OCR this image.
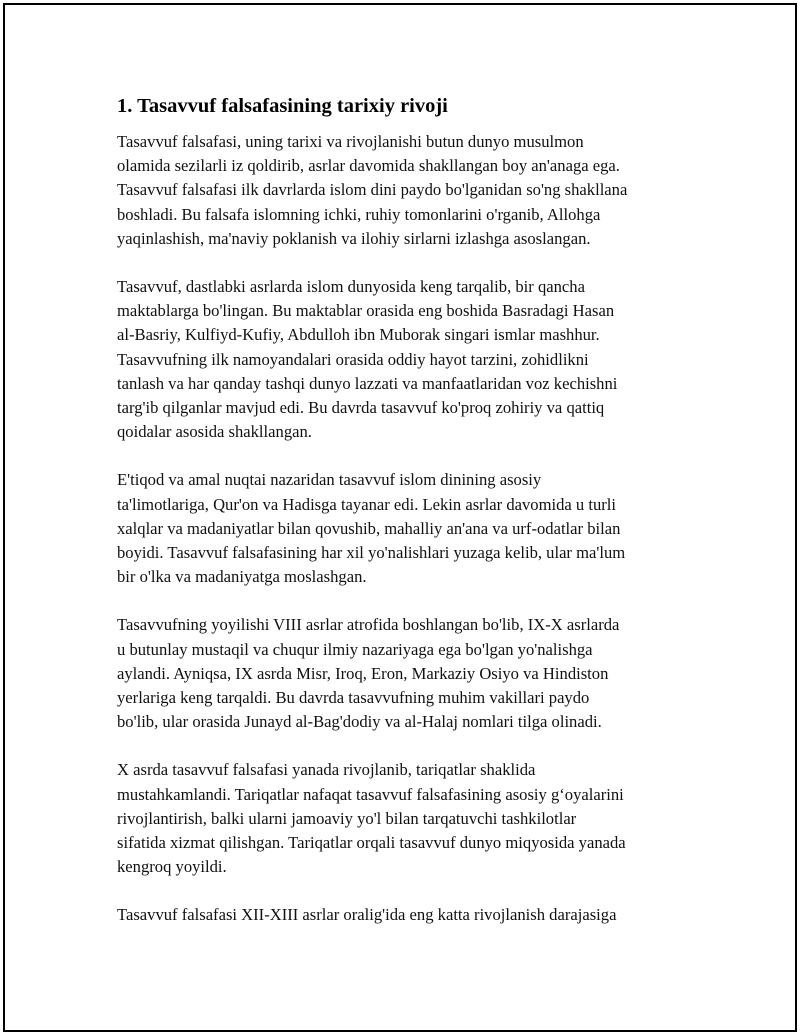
1. Tasavvuf falsafasining tarixiy rivoji

Tasavvuf falsafasi, uning tarixi va rivojlanishi butun dunyo musulmon
olamida sezilarli iz qoldirib, asrlar davomida shakllangan boy an'anaga ega.
Tasavvuf falsafasi ilk davrlarda islom dini paydo bo'lganidan so'ng shakllana
boshladi. Bu falsafa islomning ichki, ruhiy tomonlarini o'rganib, Allohga
yaqinlashish, ma'naviy poklanish va ilohiy sirlarni izlashga asoslangan.

Tasavvuf, dastlabki asrlarda islom dunyosida keng tarqalib, bir qancha
maktablarga bo'lingan. Bu maktablar orasida eng boshida Basradagi Hasan
al-Basriy, Kulfiyd-Kufiy, Abdulloh ibn Muborak singari ismlar mashhur.
Tasavvufning ilk namoyandalari orasida oddiy hayot tarzini, zohidlikni
tanlash va har qanday tashqi dunyo lazzati va manfaatlaridan voz kechishni
targ'ib qilganlar mavjud edi. Bu davrda tasavvuf ko'proq zohiriy va qattiq
qoidalar asosida shakllangan.

E'tiqod va amal nuqtai nazaridan tasavvuf islom dinining asosiy
ta'limotlariga, Qur'on va Hadisga tayanar edi. Lekin asrlar davomida u turli
xalqlar va madaniyatlar bilan qovushib, mahalliy an'ana va urf-odatlar bilan
boyidi. Tasavvuf falsafasining har xil yo'nalishlari yuzaga kelib, ular ma'lum
bir o'lka va madaniyatga moslashgan.

Tasavvufning yoyilishi VIII asrlar atrofida boshlangan bo'lib, IX-X asrlarda
u butunlay mustaqil va chuqur ilmiy nazariyaga ega bo'lgan yo'nalishga
aylandi. Ayniqsa, IX asrda Misr, Iroq, Eron, Markaziy Osiyo va Hindiston
yerlariga keng tarqaldi. Bu davrda tasavvufning muhim vakillari paydo
bo'lib, ular orasida Junayd al-Bag'dodiy va al-Halaj nomlari tilga olinadi.

X asrda tasavvuf falsafasi yanada rivojlanib, tariqatlar shaklida
mustahkamlandi. Tariqatlar nafaqat tasavvuf falsafasining asosiy g‘oyalarini
rivojlantirish, balki ularni jamoaviy yo'l bilan tarqatuvchi tashkilotlar
sifatida xizmat qilishgan. Tariqatlar orqali tasavvuf dunyo miqyosida yanada
kengroq yoyildi.

Tasavvuf falsafasi XII-XIII asrlar oralig'ida eng katta rivojlanish darajasiga
